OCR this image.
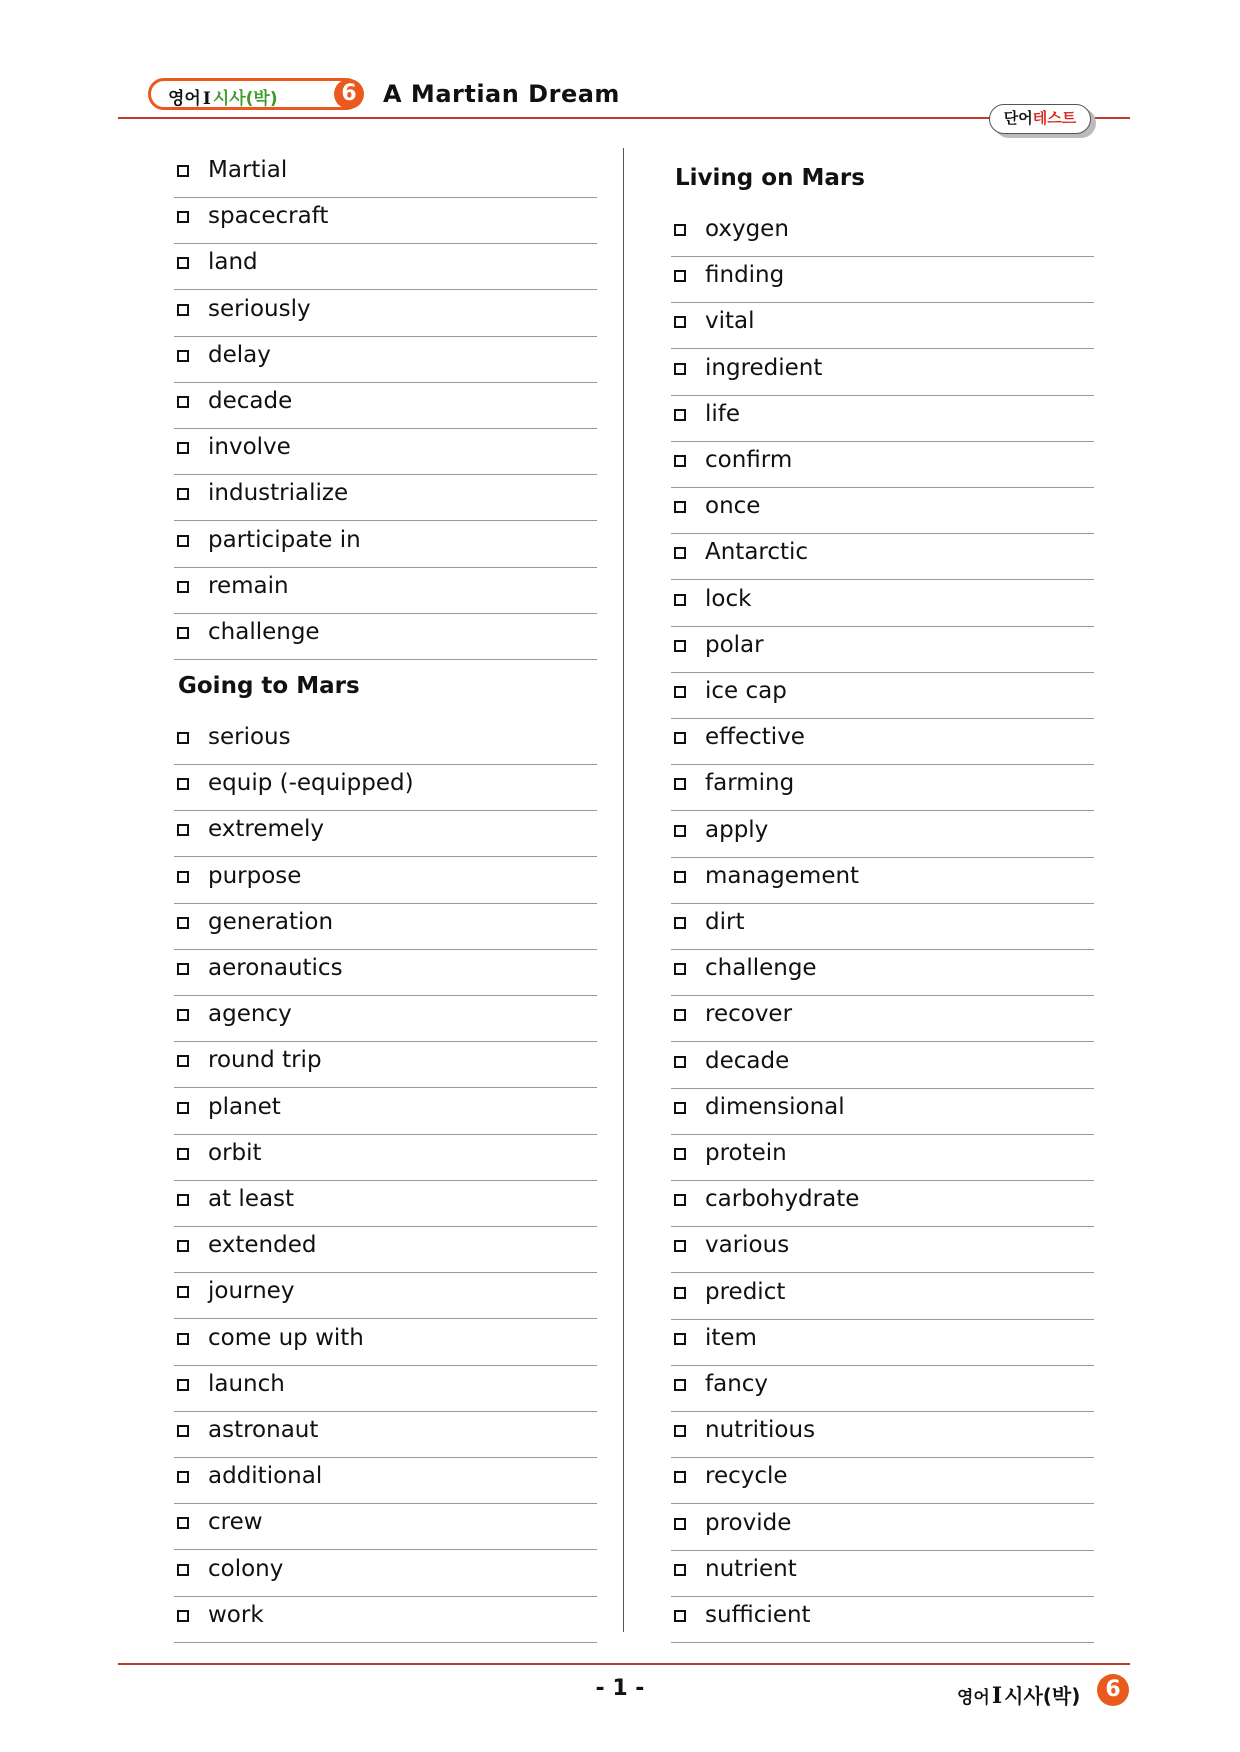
영어 I 시사(박)	6	A Martian Dream
단어테스트
Martial
spacecraft
land
seriously
delay
decade
involve
industrialize
participate in
remain
challenge
Going to Mars
serious
equip (-equipped)
extremely
purpose
generation
aeronautics
agency
round trip
planet
orbit
at least
extended
journey
come up with
launch
astronaut
additional
crew
colony
work
Living on Mars
oxygen
finding
vital
ingredient
life
confirm
once
Antarctic
lock
polar
ice cap
effective
farming
apply
management
dirt
challenge
recover
decade
dimensional
protein
carbohydrate
various
predict
item
fancy
nutritious
recycle
provide
nutrient
sufficient
- 1 -	영어I 시사(박)	6
